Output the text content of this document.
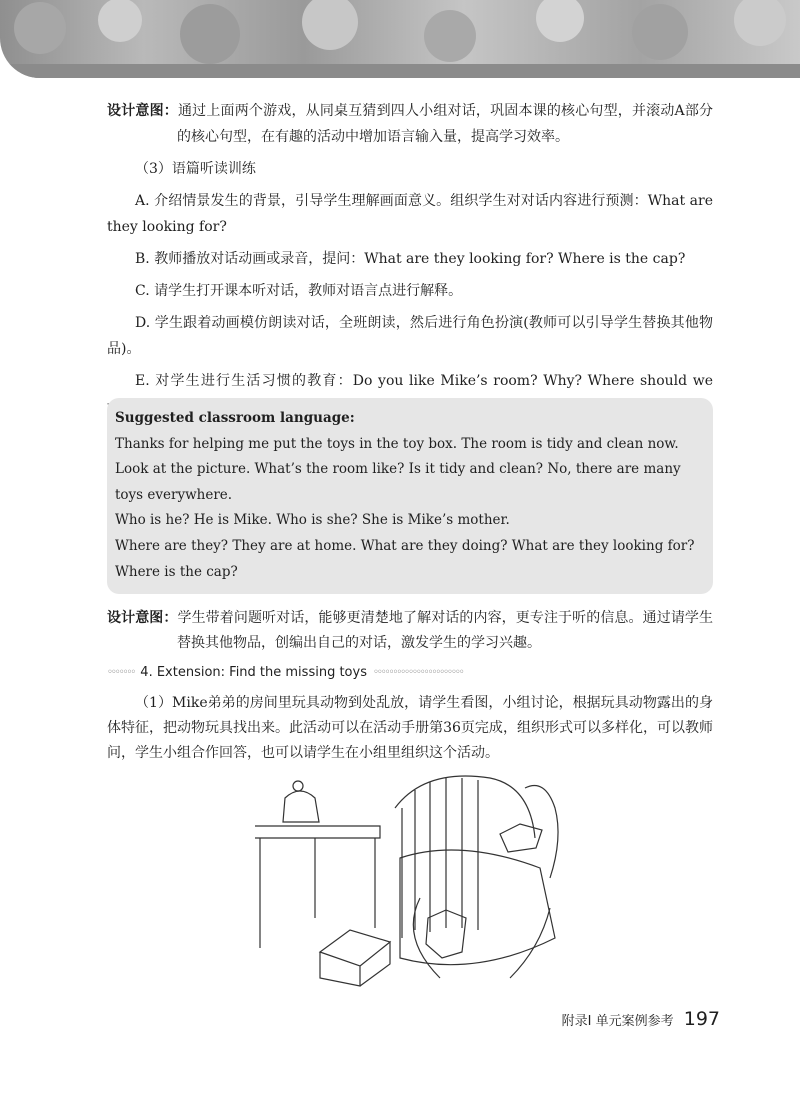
设计意图：通过上面两个游戏，从同桌互猜到四人小组对话，巩固本课的核心句型，并滚动A部分的核心句型，在有趣的活动中增加语言输入量，提高学习效率。

（3）语篇听读训练

A. 介绍情景发生的背景，引导学生理解画面意义。组织学生对对话内容进行预测：What are they looking for?

B. 教师播放对话动画或录音，提问：What are they looking for? Where is the cap?

C. 请学生打开课本听对话，教师对语言点进行解释。

D. 学生跟着动画模仿朗读对话，全班朗读，然后进行角色扮演(教师可以引导学生替换其他物品)。

E. 对学生进行生活习惯的教育：Do you like Mike’s room? Why? Where should we

Suggested classroom language:

Thanks for helping me put the toys in the toy box. The room is tidy and clean now.

Look at the picture. What’s the room like? Is it tidy and clean? No, there are many toys everywhere.

Who is he? He is Mike. Who is she? She is Mike’s mother.

Where are they? They are at home. What are they doing? What are they looking for?

Where is the cap?

设计意图：学生带着问题听对话，能够更清楚地了解对话的内容，更专注于听的信息。通过请学生替换其他物品，创编出自己的对话，激发学生的学习兴趣。

◦◦◦◦◦◦◦ 4. Extension: Find the missing toys ◦◦◦◦◦◦◦◦◦◦◦◦◦◦◦◦◦◦◦◦◦◦◦

（1）Mike弟弟的房间里玩具动物到处乱放，请学生看图，小组讨论，根据玩具动物露出的身体特征，把动物玩具找出来。此活动可以在活动手册第36页完成，组织形式可以多样化，可以教师问，学生小组合作回答，也可以请学生在小组里组织这个活动。

附录Ⅰ 单元案例参考 197
